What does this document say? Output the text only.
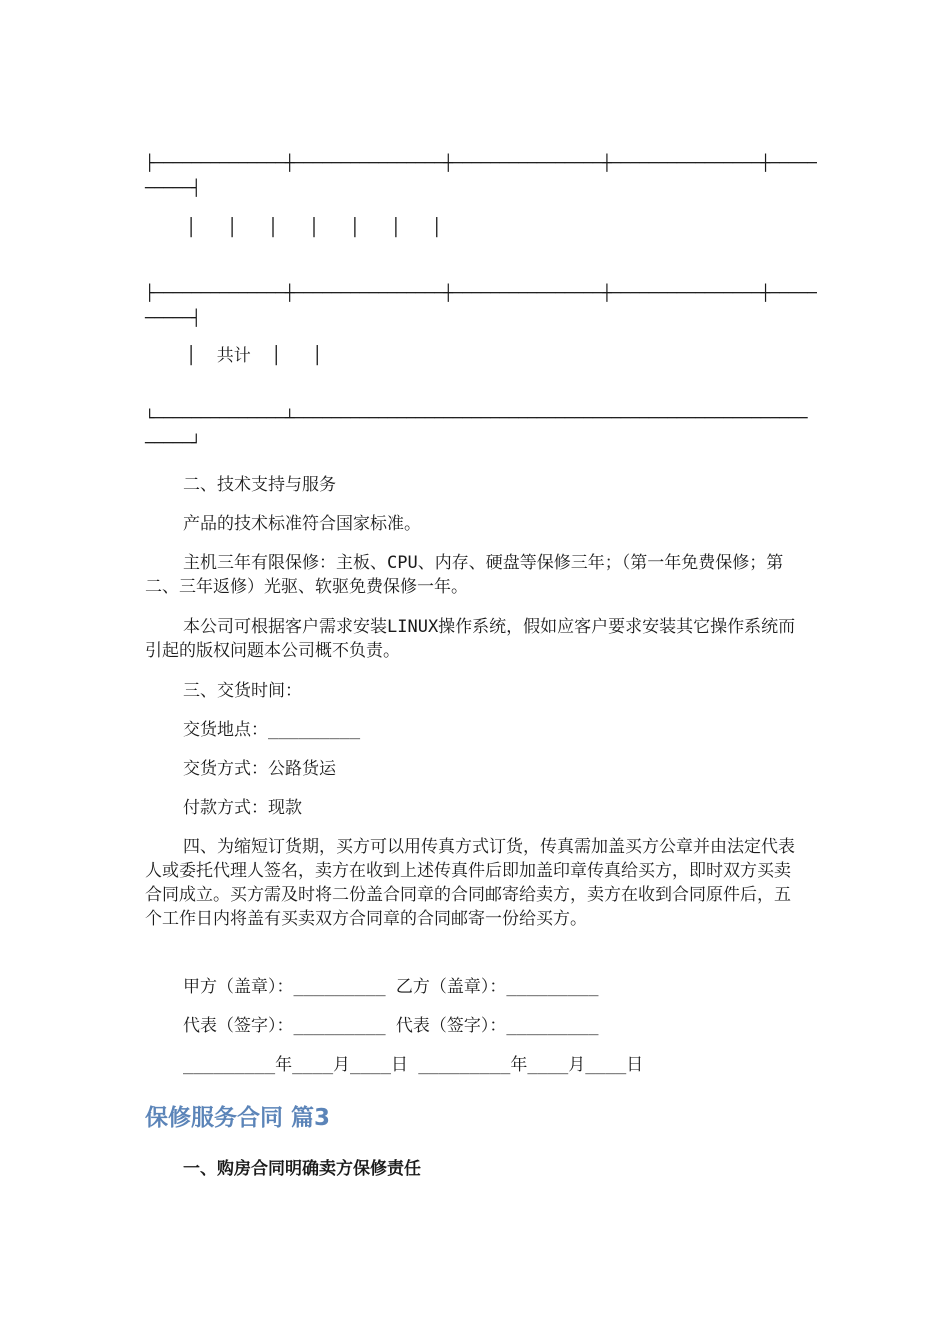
├──────────────┼────────────────┼────────────────┼────────────────┼─────
─────┤
│   │   │   │   │   │   │
├──────────────┼────────────────┼────────────────┼────────────────┼─────
─────┤
│  共计  │   │
└──────────────┴───────────────────────────────────────────────────────
─────┘

二、技术支持与服务

产品的技术标准符合国家标准。

主机三年有限保修：主板、CPU、内存、硬盘等保修三年；（第一年免费保修；第二、三年返修）光驱、软驱免费保修一年。

本公司可根据客户需求安装LINUX操作系统，假如应客户要求安装其它操作系统而引起的版权问题本公司概不负责。

三、交货时间：

交货地点：_________

交货方式：公路货运

付款方式：现款

四、为缩短订货期，买方可以用传真方式订货，传真需加盖买方公章并由法定代表人或委托代理人签名，卖方在收到上述传真件后即加盖印章传真给买方，即时双方买卖合同成立。买方需及时将二份盖合同章的合同邮寄给卖方，卖方在收到合同原件后，五个工作日内将盖有买卖双方合同章的合同邮寄一份给买方。

甲方（盖章）：_________ 乙方（盖章）：_________

代表（签字）：_________ 代表（签字）：_________

_________年____月____日 _________年____月____日

保修服务合同 篇3
一、购房合同明确卖方保修责任
